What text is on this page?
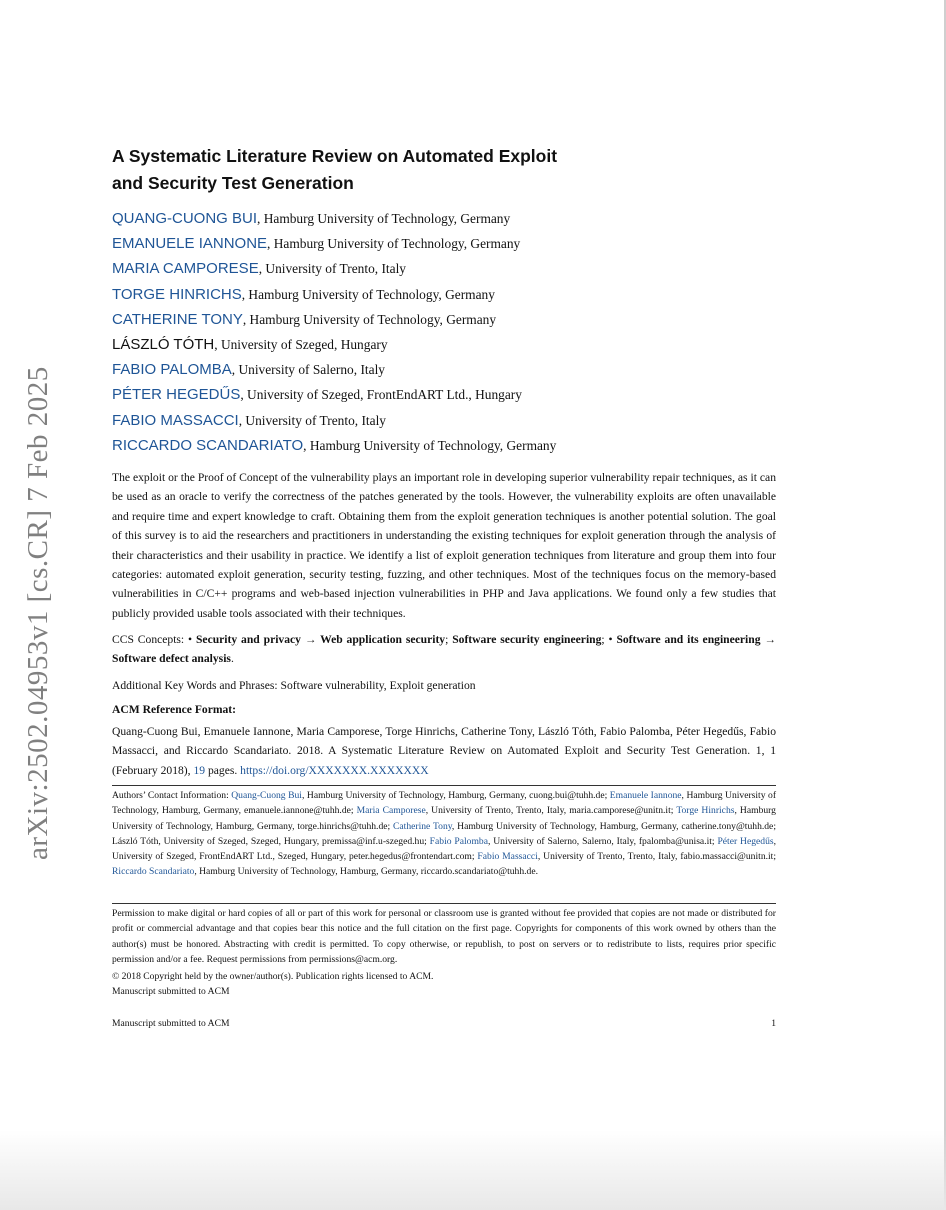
arXiv:2502.04953v1 [cs.CR] 7 Feb 2025
A Systematic Literature Review on Automated Exploit
and Security Test Generation
QUANG-CUONG BUI, Hamburg University of Technology, Germany
EMANUELE IANNONE, Hamburg University of Technology, Germany
MARIA CAMPORESE, University of Trento, Italy
TORGE HINRICHS, Hamburg University of Technology, Germany
CATHERINE TONY, Hamburg University of Technology, Germany
LÁSZLÓ TÓTH, University of Szeged, Hungary
FABIO PALOMBA, University of Salerno, Italy
PÉTER HEGEDŰS, University of Szeged, FrontEndART Ltd., Hungary
FABIO MASSACCI, University of Trento, Italy
RICCARDO SCANDARIATO, Hamburg University of Technology, Germany
The exploit or the Proof of Concept of the vulnerability plays an important role in developing superior vulnerability repair techniques, as it can be used as an oracle to verify the correctness of the patches generated by the tools. However, the vulnerability exploits are often unavailable and require time and expert knowledge to craft. Obtaining them from the exploit generation techniques is another potential solution. The goal of this survey is to aid the researchers and practitioners in understanding the existing techniques for exploit generation through the analysis of their characteristics and their usability in practice. We identify a list of exploit generation techniques from literature and group them into four categories: automated exploit generation, security testing, fuzzing, and other techniques. Most of the techniques focus on the memory-based vulnerabilities in C/C++ programs and web-based injection vulnerabilities in PHP and Java applications. We found only a few studies that publicly provided usable tools associated with their techniques.
CCS Concepts: • Security and privacy → Web application security; Software security engineering; • Software and its engineering → Software defect analysis.
Additional Key Words and Phrases: Software vulnerability, Exploit generation
ACM Reference Format:
Quang-Cuong Bui, Emanuele Iannone, Maria Camporese, Torge Hinrichs, Catherine Tony, László Tóth, Fabio Palomba, Péter Hegedűs, Fabio Massacci, and Riccardo Scandariato. 2018. A Systematic Literature Review on Automated Exploit and Security Test Generation. 1, 1 (February 2018), 19 pages. https://doi.org/XXXXXXX.XXXXXXX
Authors’ Contact Information: Quang-Cuong Bui, Hamburg University of Technology, Hamburg, Germany, cuong.bui@tuhh.de; Emanuele Iannone, Hamburg University of Technology, Hamburg, Germany, emanuele.iannone@tuhh.de; Maria Camporese, University of Trento, Trento, Italy, maria.camporese@unitn.it; Torge Hinrichs, Hamburg University of Technology, Hamburg, Germany, torge.hinrichs@tuhh.de; Catherine Tony, Hamburg University of Technology, Hamburg, Germany, catherine.tony@tuhh.de; László Tóth, University of Szeged, Szeged, Hungary, premissa@inf.u-szeged.hu; Fabio Palomba, University of Salerno, Salerno, Italy, fpalomba@unisa.it; Péter Hegedűs, University of Szeged, FrontEndART Ltd., Szeged, Hungary, peter.hegedus@frontendart.com; Fabio Massacci, University of Trento, Trento, Italy, fabio.massacci@unitn.it; Riccardo Scandariato, Hamburg University of Technology, Hamburg, Germany, riccardo.scandariato@tuhh.de.
Permission to make digital or hard copies of all or part of this work for personal or classroom use is granted without fee provided that copies are not made or distributed for profit or commercial advantage and that copies bear this notice and the full citation on the first page. Copyrights for components of this work owned by others than the author(s) must be honored. Abstracting with credit is permitted. To copy otherwise, or republish, to post on servers or to redistribute to lists, requires prior specific permission and/or a fee. Request permissions from permissions@acm.org.
© 2018 Copyright held by the owner/author(s). Publication rights licensed to ACM.
Manuscript submitted to ACM
Manuscript submitted to ACM	1
